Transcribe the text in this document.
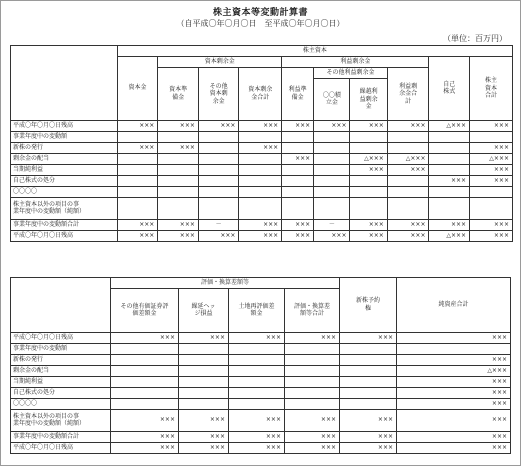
株主資本等変動計算書
（自平成〇年〇月〇日　至平成〇年〇月〇日）
（単位：百万円）
	株主資本									
	資本金	資本剰余金			利益剰余金				自己株式	株主資本合計
		資本準備金	その他資本剰余金	資本剰余金合計	利益準備金	その他利益剰余金		利益剰余金合計		
						〇〇積立金	繰越利益剰余金			
平成〇年〇月〇日残高	×××	×××	×××	×××	×××	×××	×××	×××	△×××	×××
事業年度中の変動額										
新株の発行	×××	×××		×××						×××
剰余金の配当					×××		△×××	△×××		△×××
当期純利益							×××	×××		×××
自己株式の処分									×××	×××
〇〇〇〇										

株主資本以外の項目の事
業年度中の変動額（純額）										

事業年度中の変動額合計	×××	×××	－	×××	×××	－	×××	×××	×××	×××
平成〇年〇月〇日残高	×××	×××	×××	×××	×××	×××	×××	×××	△×××	×××
	評価・換算差額等				新株予約権	純資産合計
	その他有価証券評価差額金	繰延ヘッジ損益	土地再評価差額金	評価・換算差額等合計		
平成〇年〇月〇日残高	×××	×××	×××	×××	×××	×××
事業年度中の変動額						
新株の発行						×××
剰余金の配当						△×××
当期純利益						×××
自己株式の処分						×××
〇〇〇〇						×××

株主資本以外の項目の事
業年度中の変動額（純額）	×××	×××	×××	×××	×××	×××
事業年度中の変動額合計	×××	×××	×××	×××	×××	×××
平成〇年〇月〇日残高	×××	×××	×××	×××	×××	×××
